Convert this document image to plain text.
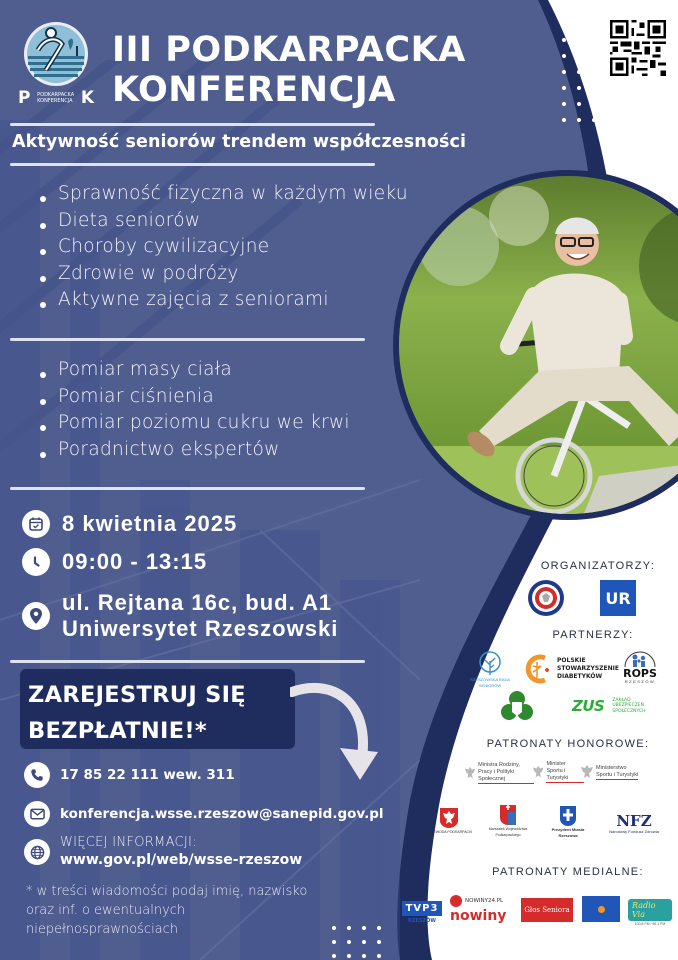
P PODKARPACKA
KONFERENCJA K
III PODKARPACKA
KONFERENCJA
Aktywność seniorów trendem współczesności
Sprawność fizyczna w każdym wieku
Dieta seniorów
Choroby cywilizacyjne
Zdrowie w podróży
Aktywne zajęcia z seniorami
Pomiar masy ciała
Pomiar ciśnienia
Pomiar poziomu cukru we krwi
Poradnictwo ekspertów
8 kwietnia 2025
09:00 - 13:15
ul. Rejtana 16c, bud. A1
Uniwersytet Rzeszowski
ZAREJESTRUJ SIĘ
BEZPŁATNIE!*
17 85 22 111 wew. 311
konferencja.wsse.rzeszow@sanepid.gov.pl
WIĘCEJ INFORMACJI:
www.gov.pl/web/wsse-rzeszow
* w treści wiadomości podaj imię, nazwisko oraz inf. o ewentualnych niepełnosprawnościach
ORGANIZATORZY:
UR
PARTNERZY:
RZESZOWSKA RADA SENIORÓW
POLSKIE
STOWARZYSZENIE
DIABETYKÓW	ROPS
RZESZÓW
ZUS ZAKŁAD
UBEZPIECZEŃ
SPOŁECZNYCH
PATRONATY HONOROWE:
Ministra Rodziny,
Pracy i Polityki Społecznej
Minister
Sportu i Turystyki
Ministerstwo
Sportu i Turystyki
WOJEWODA PODKARPACKI
Marszałek Województwa Podkarpackiego
Prezydent Miasta Rzeszowa
NFZ
Narodowy Fundusz Zdrowia
PATRONATY MEDIALNE:
TVP3
RZESZÓW
NOWINY24.PL
nowiny	Głos Seniora
Radio Via
100,8 FM / 96,1 FM
